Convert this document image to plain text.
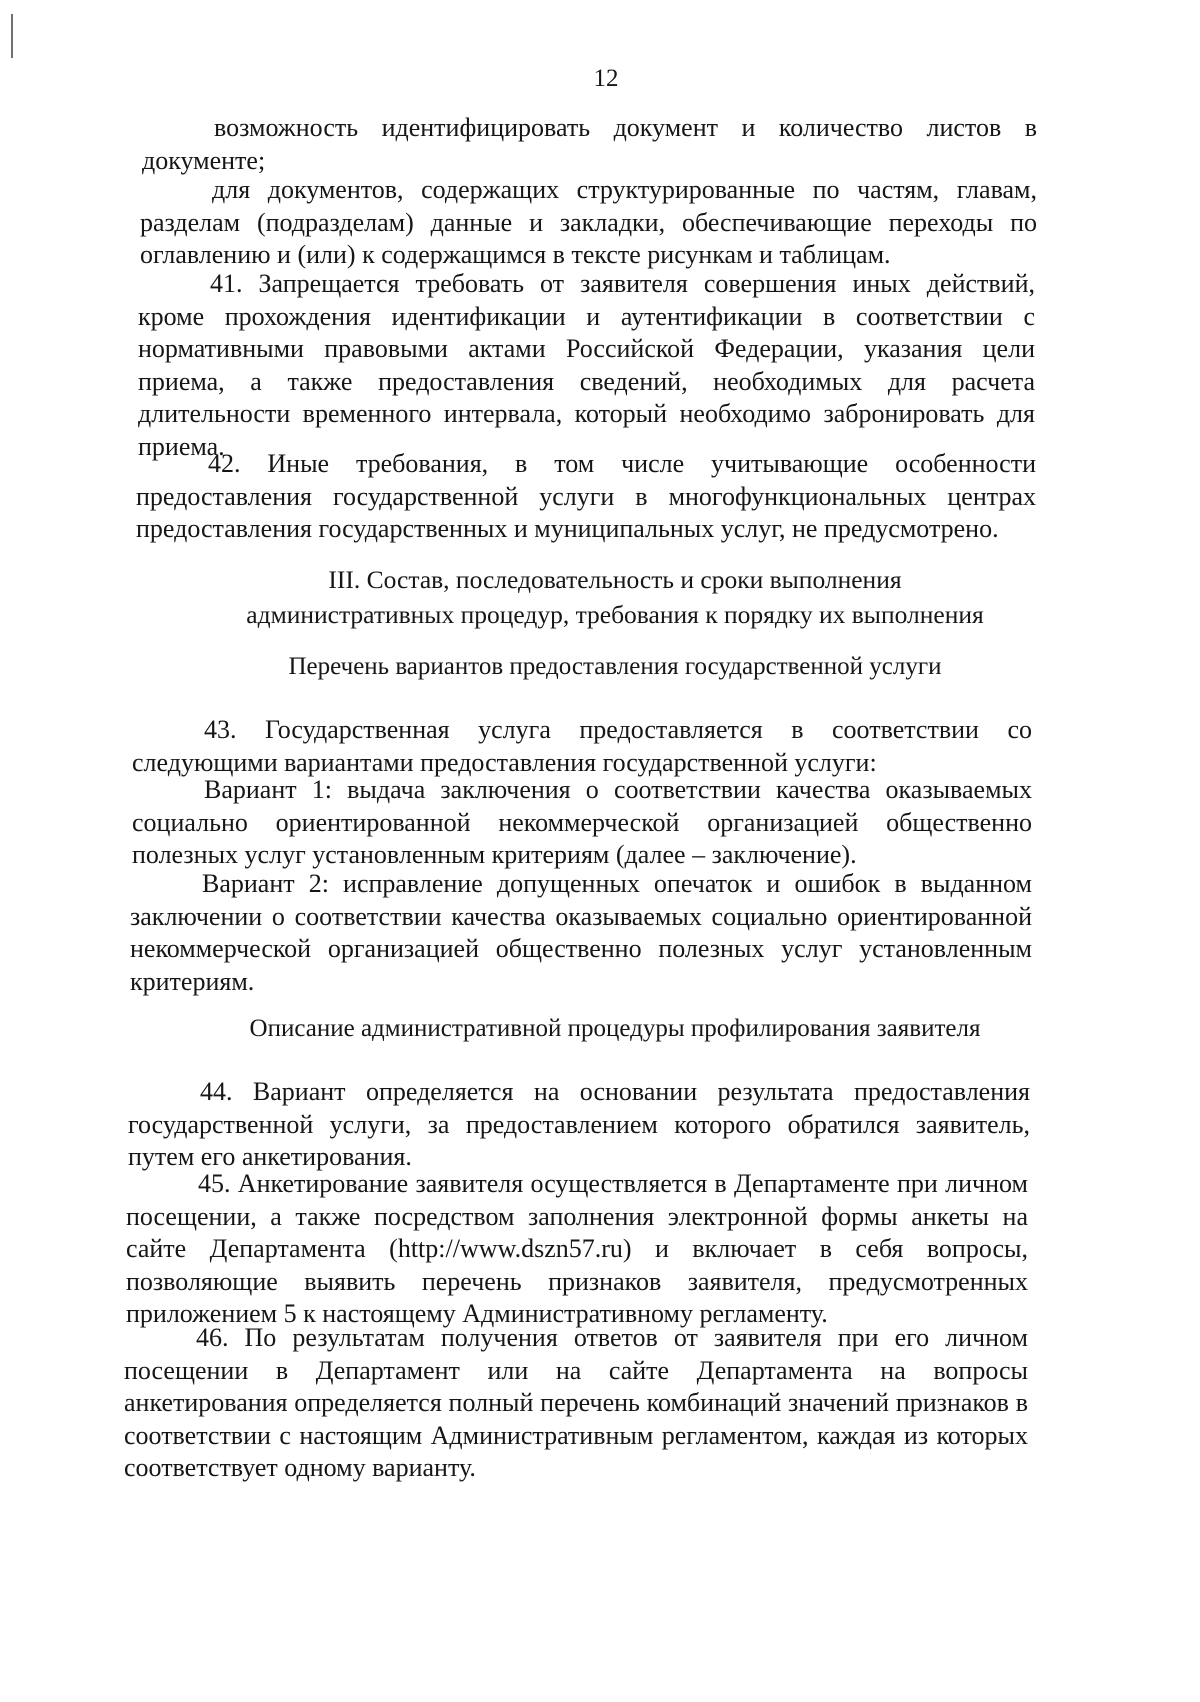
12

возможность идентифицировать документ и количество листов в документе;

для документов, содержащих структурированные по частям, главам, разделам (подразделам) данные и закладки, обеспечивающие переходы по оглавлению и (или) к содержащимся в тексте рисункам и таблицам.

41. Запрещается требовать от заявителя совершения иных действий, кроме прохождения идентификации и аутентификации в соответствии с нормативными правовыми актами Российской Федерации, указания цели приема, а также предоставления сведений, необходимых для расчета длительности временного интервала, который необходимо забронировать для приема.

42. Иные требования, в том числе учитывающие особенности предоставления государственной услуги в многофункциональных центрах предоставления государственных и муниципальных услуг, не предусмотрено.

III. Состав, последовательность и сроки выполнения
административных процедур, требования к порядку их выполнения
Перечень вариантов предоставления государственной услуги

43. Государственная услуга предоставляется в соответствии со следующими вариантами предоставления государственной услуги:

Вариант 1: выдача заключения о соответствии качества оказываемых социально ориентированной некоммерческой организацией общественно полезных услуг установленным критериям (далее – заключение).

Вариант 2: исправление допущенных опечаток и ошибок в выданном заключении о соответствии качества оказываемых социально ориентированной некоммерческой организацией общественно полезных услуг установленным критериям.

Описание административной процедуры профилирования заявителя

44. Вариант определяется на основании результата предоставления государственной услуги, за предоставлением которого обратился заявитель, путем его анкетирования.

45. Анкетирование заявителя осуществляется в Департаменте при личном посещении, а также посредством заполнения электронной формы анкеты на сайте Департамента (http://www.dszn57.ru) и включает в себя вопросы, позволяющие выявить перечень признаков заявителя, предусмотренных приложением 5 к настоящему Административному регламенту.

46. По результатам получения ответов от заявителя при его личном посещении в Департамент или на сайте Департамента на вопросы анкетирования определяется полный перечень комбинаций значений признаков в соответствии с настоящим Административным регламентом, каждая из которых соответствует одному варианту.
